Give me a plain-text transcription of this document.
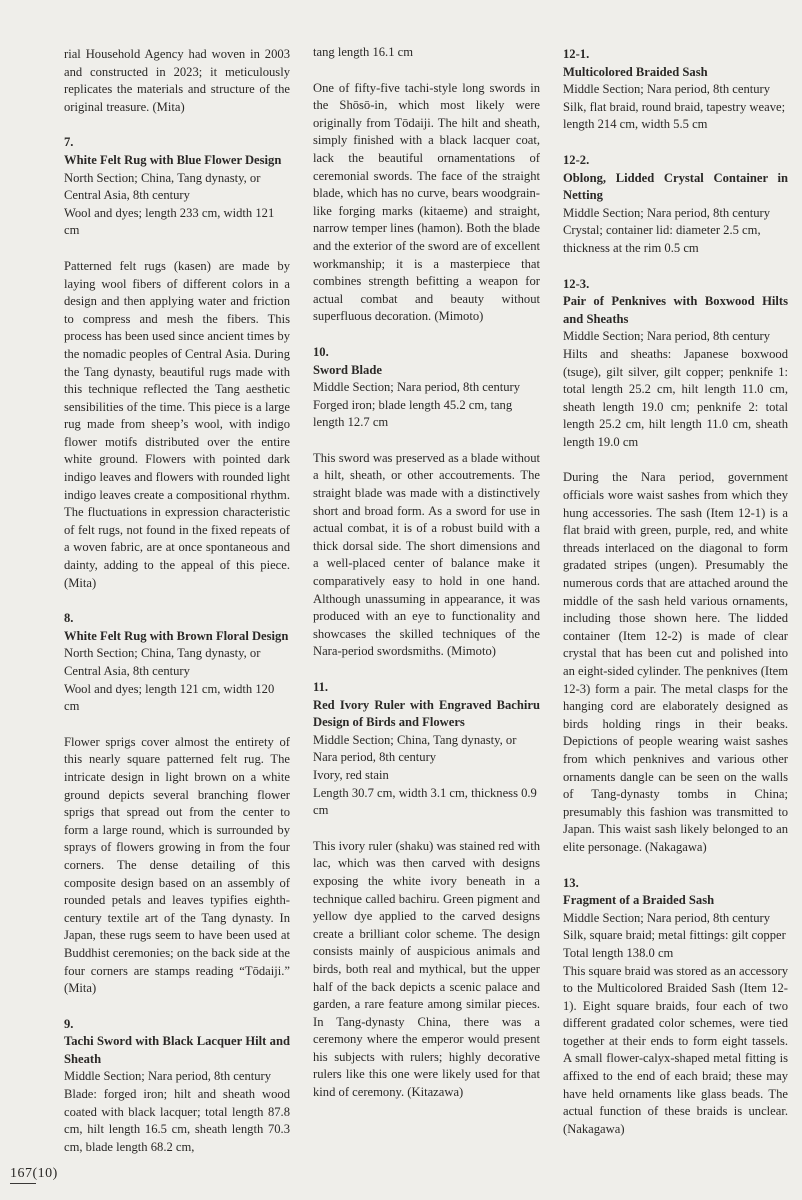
rial Household Agency had woven in 2003 and constructed in 2023; it meticulously replicates the materials and structure of the original treasure. (Mita)

7.

White Felt Rug with Blue Flower Design

North Section; China, Tang dynasty, or Central Asia, 8th century

Wool and dyes; length 233 cm, width 121 cm

Patterned felt rugs (kasen) are made by laying wool fibers of different colors in a design and then applying water and friction to compress and mesh the fibers. This process has been used since ancient times by the nomadic peoples of Central Asia. During the Tang dynasty, beautiful rugs made with this technique reflected the Tang aesthetic sensibilities of the time. This piece is a large rug made from sheep’s wool, with indigo flower motifs distributed over the entire white ground. Flowers with pointed dark indigo leaves and flowers with rounded light indigo leaves create a compositional rhythm. The fluctuations in expression characteristic of felt rugs, not found in the fixed repeats of a woven fabric, are at once spontaneous and dainty, adding to the appeal of this piece. (Mita)

8.

White Felt Rug with Brown Floral Design

North Section; China, Tang dynasty, or Central Asia, 8th century

Wool and dyes; length 121 cm, width 120 cm

Flower sprigs cover almost the entirety of this nearly square patterned felt rug. The intricate design in light brown on a white ground depicts several branching flower sprigs that spread out from the center to form a large round, which is surrounded by sprays of flowers growing in from the four corners. The dense detailing of this composite design based on an assembly of rounded petals and leaves typifies eighth-century textile art of the Tang dynasty. In Japan, these rugs seem to have been used at Buddhist ceremonies; on the back side at the four corners are stamps reading “Tōdaiji.” (Mita)

9.

Tachi Sword with Black Lacquer Hilt and Sheath

Middle Section; Nara period, 8th century

Blade: forged iron; hilt and sheath wood coated with black lacquer; total length 87.8 cm, hilt length 16.5 cm, sheath length 70.3 cm, blade length 68.2 cm,

tang length 16.1 cm

One of fifty-five tachi-style long swords in the Shōsō-in, which most likely were originally from Tōdaiji. The hilt and sheath, simply finished with a black lacquer coat, lack the beautiful ornamentations of ceremonial swords. The face of the straight blade, which has no curve, bears woodgrain-like forging marks (kitaeme) and straight, narrow temper lines (hamon). Both the blade and the exterior of the sword are of excellent workmanship; it is a masterpiece that combines strength befitting a weapon for actual combat and beauty without superfluous decoration. (Mimoto)

10.

Sword Blade

Middle Section; Nara period, 8th century

Forged iron; blade length 45.2 cm, tang length 12.7 cm

This sword was preserved as a blade without a hilt, sheath, or other accoutrements. The straight blade was made with a distinctively short and broad form. As a sword for use in actual combat, it is of a robust build with a thick dorsal side. The short dimensions and a well-placed center of balance make it comparatively easy to hold in one hand. Although unassuming in appearance, it was produced with an eye to functionality and showcases the skilled techniques of the Nara-period swordsmiths. (Mimoto)

11.

Red Ivory Ruler with Engraved Bachiru Design of Birds and Flowers

Middle Section; China, Tang dynasty, or Nara period, 8th century

Ivory, red stain

Length 30.7 cm, width 3.1 cm, thickness 0.9 cm

This ivory ruler (shaku) was stained red with lac, which was then carved with designs exposing the white ivory beneath in a technique called bachiru. Green pigment and yellow dye applied to the carved designs create a brilliant color scheme. The design consists mainly of auspicious animals and birds, both real and mythical, but the upper half of the back depicts a scenic palace and garden, a rare feature among similar pieces. In Tang-dynasty China, there was a ceremony where the emperor would present his subjects with rulers; highly decorative rulers like this one were likely used for that kind of ceremony. (Kitazawa)

12-1.

Multicolored Braided Sash

Middle Section; Nara period, 8th century

Silk, flat braid, round braid, tapestry weave; length 214 cm, width 5.5 cm

12-2.

Oblong, Lidded Crystal Container in Netting

Middle Section; Nara period, 8th century

Crystal; container lid: diameter 2.5 cm, thickness at the rim 0.5 cm

12-3.

Pair of Penknives with Boxwood Hilts and Sheaths

Middle Section; Nara period, 8th century

Hilts and sheaths: Japanese boxwood (tsuge), gilt silver, gilt copper; penknife 1: total length 25.2 cm, hilt length 11.0 cm, sheath length 19.0 cm; penknife 2: total length 25.2 cm, hilt length 11.0 cm, sheath length 19.0 cm

During the Nara period, government officials wore waist sashes from which they hung accessories. The sash (Item 12-1) is a flat braid with green, purple, red, and white threads interlaced on the diagonal to form gradated stripes (ungen). Presumably the numerous cords that are attached around the middle of the sash held various ornaments, including those shown here. The lidded container (Item 12-2) is made of clear crystal that has been cut and polished into an eight-sided cylinder. The penknives (Item 12-3) form a pair. The metal clasps for the hanging cord are elaborately designed as birds holding rings in their beaks. Depictions of people wearing waist sashes from which penknives and various other ornaments dangle can be seen on the walls of Tang-dynasty tombs in China; presumably this fashion was transmitted to Japan. This waist sash likely belonged to an elite personage. (Nakagawa)

13.

Fragment of a Braided Sash

Middle Section; Nara period, 8th century

Silk, square braid; metal fittings: gilt copper

Total length 138.0 cm

This square braid was stored as an accessory to the Multicolored Braided Sash (Item 12-1). Eight square braids, four each of two different gradated color schemes, were tied together at their ends to form eight tassels. A small flower-calyx-shaped metal fitting is affixed to the end of each braid; these may have held ornaments like glass beads. The actual function of these braids is unclear. (Nakagawa)

167(10)
